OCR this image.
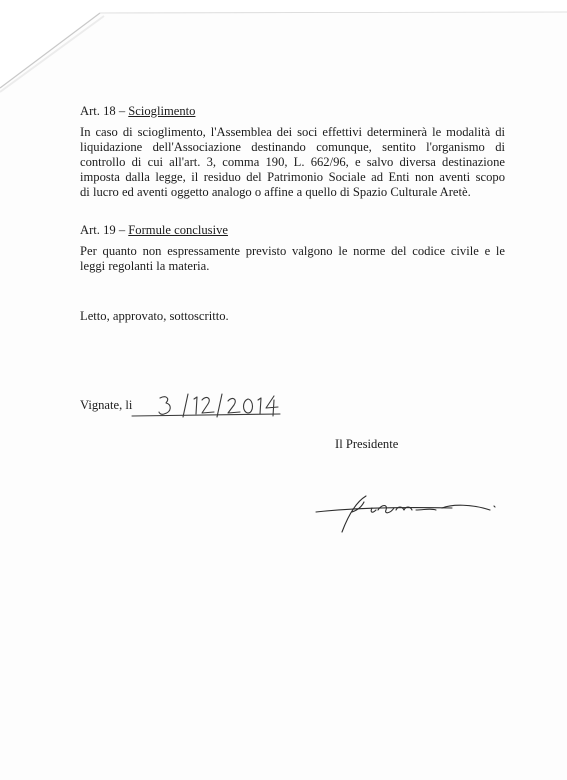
Art. 18 – Scioglimento
In caso di scioglimento, l'Assemblea dei soci effettivi determinerà le modalità di
liquidazione dell'Associazione destinando comunque, sentito l'organismo di
controllo di cui all'art. 3, comma 190, L. 662/96, e salvo diversa destinazione
imposta dalla legge, il residuo del Patrimonio Sociale ad Enti non aventi scopo
di lucro ed aventi oggetto analogo o affine a quello di Spazio Culturale Aretè.
Art. 19 – Formule conclusive
Per quanto non espressamente previsto valgono le norme del codice civile e le
leggi regolanti la materia.
Letto, approvato, sottoscritto.
Vignate, li
Il Presidente
